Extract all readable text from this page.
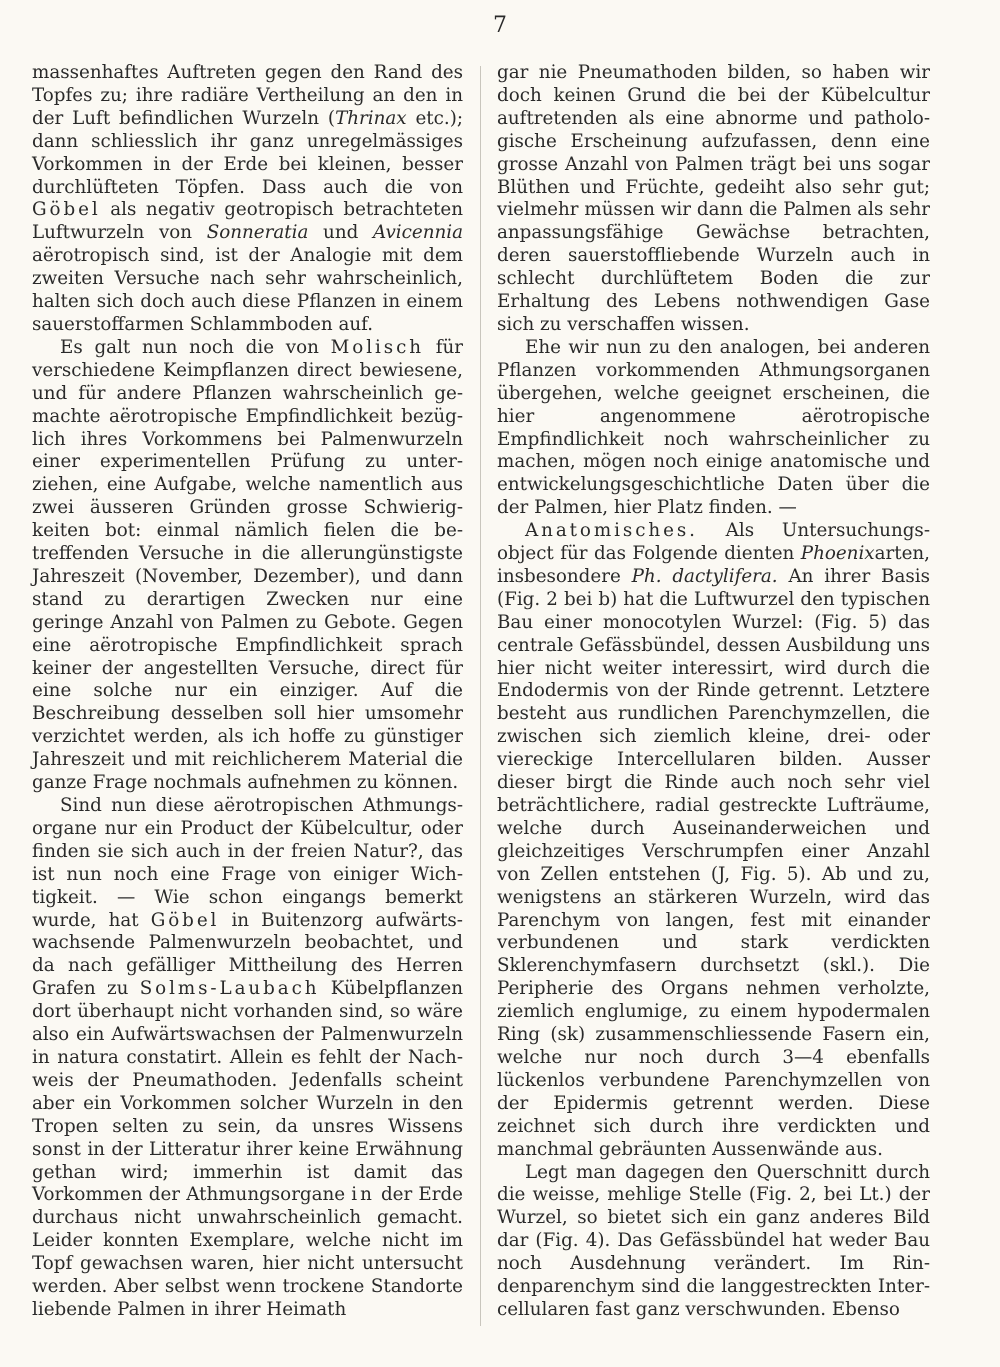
7

massenhaftes Auftreten gegen den Rand des Topfes zu; ihre radiäre Vertheilung an den in der Luft befindlichen Wurzeln (Thrinax etc.); dann schliesslich ihr ganz unregelmässiges Vorkommen in der Erde bei kleinen, besser durchlüfteten Töpfen. Dass auch die von Göbel als negativ geotropisch betrachteten Luftwurzeln von Sonneratia und Avicennia aërotropisch sind, ist der Analogie mit dem zweiten Versuche nach sehr wahrscheinlich, halten sich doch auch diese Pflanzen in einem sauerstoffarmen Schlammboden auf.

Es galt nun noch die von Molisch für verschiedene Keimpflanzen direct bewiesene, und für andere Pflanzen wahrscheinlich gemachte aërotropische Empfindlichkeit bezüglich ihres Vorkommens bei Palmenwurzeln einer experimentellen Prüfung zu unterziehen, eine Aufgabe, welche namentlich aus zwei äusseren Gründen grosse Schwierigkeiten bot: einmal nämlich fielen die betreffenden Versuche in die allerungünstigste Jahreszeit (November, Dezember), und dann stand zu derartigen Zwecken nur eine geringe Anzahl von Palmen zu Gebote. Gegen eine aërotropische Empfindlichkeit sprach keiner der angestellten Versuche, direct für eine solche nur ein einziger. Auf die Beschreibung desselben soll hier umsomehr verzichtet werden, als ich hoffe zu günstiger Jahreszeit und mit reichlicherem Material die ganze Frage nochmals aufnehmen zu können.

Sind nun diese aërotropischen Athmungsorgane nur ein Product der Kübelcultur, oder finden sie sich auch in der freien Natur?, das ist nun noch eine Frage von einiger Wichtigkeit. — Wie schon eingangs bemerkt wurde, hat Göbel in Buitenzorg aufwärtswachsende Palmenwurzeln beobachtet, und da nach gefälliger Mittheilung des Herren Grafen zu Solms-Laubach Kübelpflanzen dort überhaupt nicht vorhanden sind, so wäre also ein Aufwärtswachsen der Palmenwurzeln in natura constatirt. Allein es fehlt der Nachweis der Pneumathoden. Jedenfalls scheint aber ein Vorkommen solcher Wurzeln in den Tropen selten zu sein, da unsres Wissens sonst in der Litteratur ihrer keine Erwähnung gethan wird; immerhin ist damit das Vorkommen der Athmungsorgane in der Erde durchaus nicht unwahrscheinlich gemacht. Leider konnten Exemplare, welche nicht im Topf gewachsen waren, hier nicht untersucht werden. Aber selbst wenn trockene Standorte liebende Palmen in ihrer Heimath

gar nie Pneumathoden bilden, so haben wir doch keinen Grund die bei der Kübelcultur auftretenden als eine abnorme und pathologische Erscheinung aufzufassen, denn eine grosse Anzahl von Palmen trägt bei uns sogar Blüthen und Früchte, gedeiht also sehr gut; vielmehr müssen wir dann die Palmen als sehr anpassungsfähige Gewächse betrachten, deren sauerstoffliebende Wurzeln auch in schlecht durchlüftetem Boden die zur Erhaltung des Lebens nothwendigen Gase sich zu verschaffen wissen.

Ehe wir nun zu den analogen, bei anderen Pflanzen vorkommenden Athmungsorganen übergehen, welche geeignet erscheinen, die hier angenommene aërotropische Empfindlichkeit noch wahrscheinlicher zu machen, mögen noch einige anatomische und entwickelungsgeschichtliche Daten über die der Palmen, hier Platz finden. —

Anatomisches. Als Untersuchungsobject für das Folgende dienten Phoenixarten, insbesondere Ph. dactylifera. An ihrer Basis (Fig. 2 bei b) hat die Luftwurzel den typischen Bau einer monocotylen Wurzel: (Fig. 5) das centrale Gefässbündel, dessen Ausbildung uns hier nicht weiter interessirt, wird durch die Endodermis von der Rinde getrennt. Letztere besteht aus rundlichen Parenchymzellen, die zwischen sich ziemlich kleine, drei- oder viereckige Intercellularen bilden. Ausser dieser birgt die Rinde auch noch sehr viel beträchtlichere, radial gestreckte Lufträume, welche durch Auseinanderweichen und gleichzeitiges Verschrumpfen einer Anzahl von Zellen entstehen (J, Fig. 5). Ab und zu, wenigstens an stärkeren Wurzeln, wird das Parenchym von langen, fest mit einander verbundenen und stark verdickten Sklerenchymfasern durchsetzt (skl.). Die Peripherie des Organs nehmen verholzte, ziemlich englumige, zu einem hypodermalen Ring (sk) zusammenschliessende Fasern ein, welche nur noch durch 3—4 ebenfalls lückenlos verbundene Parenchymzellen von der Epidermis getrennt werden. Diese zeichnet sich durch ihre verdickten und manchmal gebräunten Aussenwände aus.

Legt man dagegen den Querschnitt durch die weisse, mehlige Stelle (Fig. 2, bei Lt.) der Wurzel, so bietet sich ein ganz anderes Bild dar (Fig. 4). Das Gefässbündel hat weder Bau noch Ausdehnung verändert. Im Rindenparenchym sind die langgestreckten Intercellularen fast ganz verschwunden. Ebenso
